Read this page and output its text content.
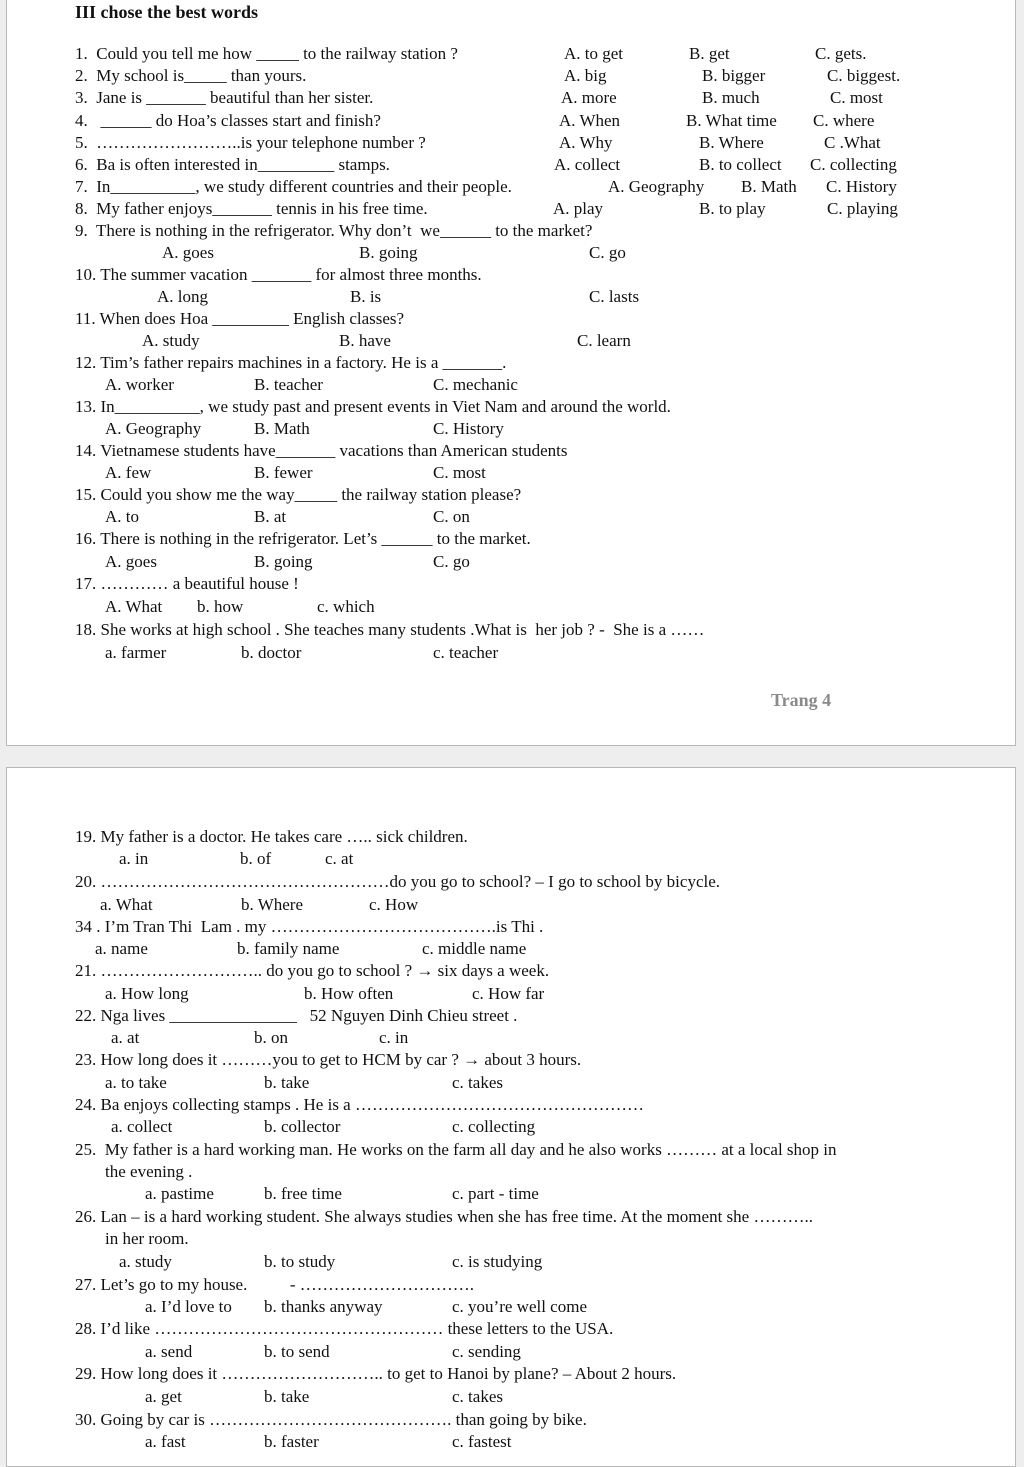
III chose the best words
1.  Could you tell me how _____ to the railway station ?	A. to get	B. get	C. gets.
2.  My school is_____ than yours.	A. big	B. bigger	C. biggest.
3.  Jane is _______ beautiful than her sister.	A. more	B. much	C. most
4.   ______ do Hoa’s classes start and finish?	A. When	B. What time C. where
5.  ……………………..is your telephone number ?	A. Why	B. Where	C .What
6.  Ba is often interested in_________ stamps.	A. collect	B. to collect C. collecting
7.  In__________, we study different countries and their people.	A. Geography B. Math C. History
8.  My father enjoys_______ tennis in his free time.	A. play	B. to play	C. playing
9.  There is nothing in the refrigerator. Why don’t  we______ to the market?
A. goes	B. going	C. go
10. The summer vacation _______ for almost three months.
A. long	B. is	C. lasts
11. When does Hoa _________ English classes?
A. study	B. have	C. learn
12. Tim’s father repairs machines in a factory. He is a _______.
A. worker	B. teacher	C. mechanic
13. In__________, we study past and present events in Viet Nam and around the world.
A. Geography	B. Math	C. History
14. Vietnamese students have_______ vacations than American students
A. few	B. fewer	C. most
15. Could you show me the way_____ the railway station please?
A. to	B. at	C. on
16. There is nothing in the refrigerator. Let’s ______ to the market.
A. goes	B. going	C. go
17. ………… a beautiful house !
A. What b. how	c. which
18. She works at high school . She teaches many students .What is  her job ? -  She is a ……
a. farmer	b. doctor	c. teacher
Trang 4
19. My father is a doctor. He takes care ….. sick children.
a. in	b. of	c. at
20. ……………………………………………do you go to school? – I go to school by bicycle.
a. What	b. Where	c. How
34 . I’m Tran Thi  Lam . my ………………………………….is Thi .
a. name	b. family name	c. middle name
21. ……………………….. do you go to school ? → six days a week.
a. How long	b. How often	c. How far
22. Nga lives _______________   52 Nguyen Dinh Chieu street .
a. at	b. on	c. in
23. How long does it ………you to get to HCM by car ? → about 3 hours.
a. to take	b. take	c. takes
24. Ba enjoys collecting stamps . He is a ……………………………………………
a. collect	b. collector	c. collecting
25.  My father is a hard working man. He works on the farm all day and he also works ……… at a local shop in
the evening .
a. pastime	b. free time	c. part - time
26. Lan – is a hard working student. She always studies when she has free time. At the moment she ………..
in her room.
a. study	b. to study	c. is studying
27. Let’s go to my house.          - ………………………….
a. I’d love to b. thanks anyway	c. you’re well come
28. I’d like …………………………………………… these letters to the USA.
a. send	b. to send	c. sending
29. How long does it ……………………….. to get to Hanoi by plane? – About 2 hours.
a. get	b. take	c. takes
30. Going by car is ……………………………………. than going by bike.
a. fast	b. faster	c. fastest
